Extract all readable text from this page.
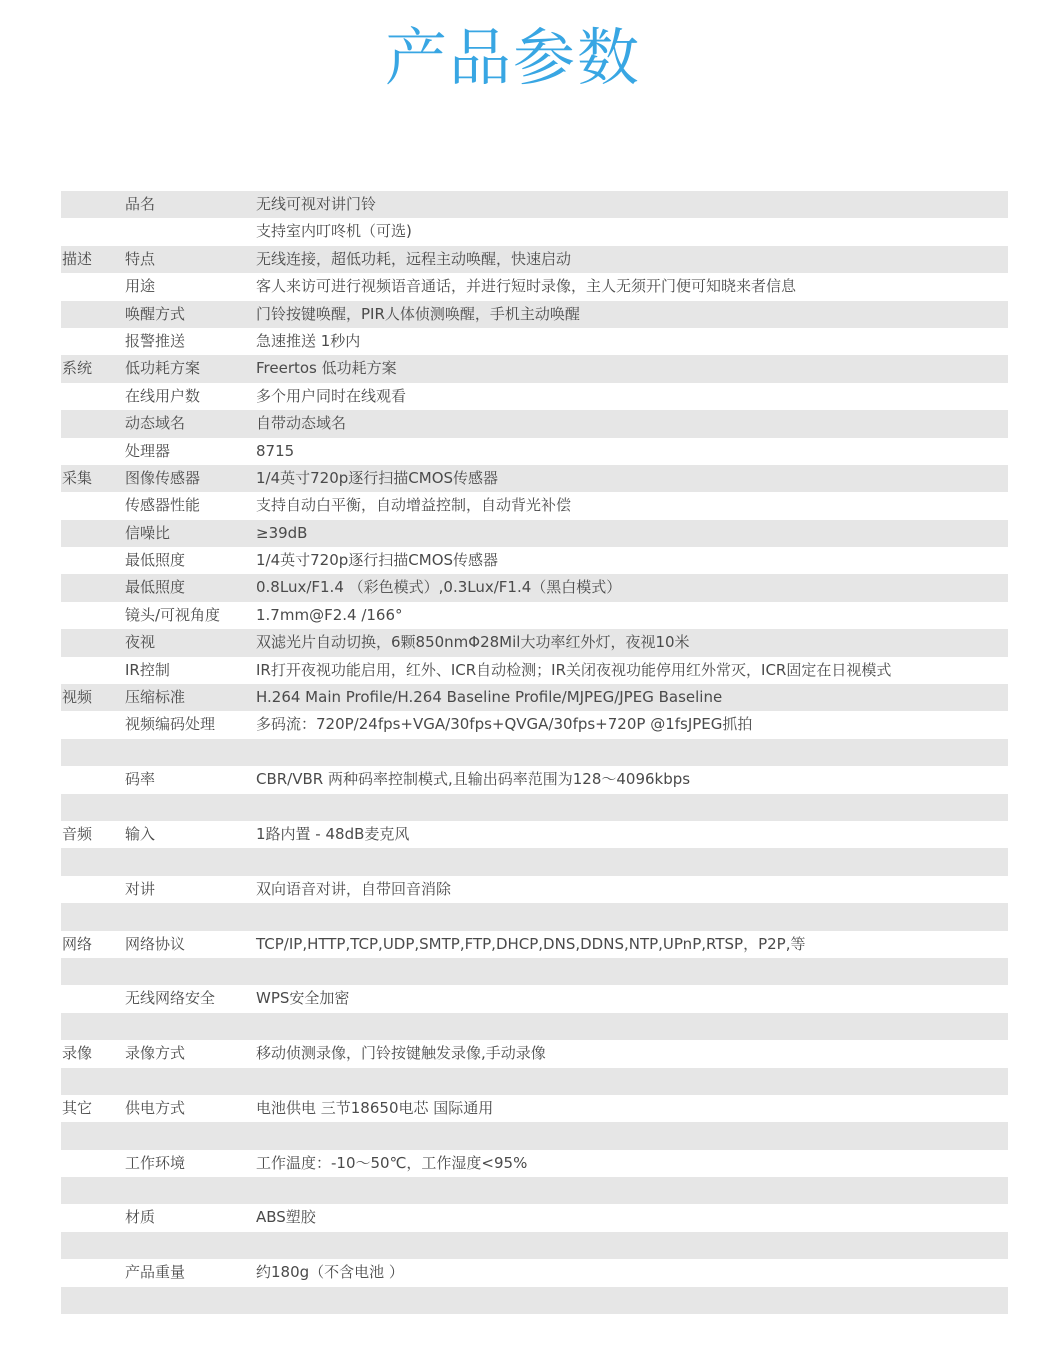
产品参数
品名	无线可视对讲门铃
支持室内叮咚机（可选)
描述 特点	无线连接，超低功耗，远程主动唤醒，快速启动
用途	客人来访可进行视频语音通话，并进行短时录像，主人无须开门便可知晓来者信息
唤醒方式	门铃按键唤醒，PIR人体侦测唤醒，手机主动唤醒
报警推送	急速推送 1秒内
系统 低功耗方案	Freertos 低功耗方案
在线用户数	多个用户同时在线观看
动态域名	自带动态域名
处理器	8715
采集 图像传感器	1/4英寸720p逐行扫描CMOS传感器
传感器性能	支持自动白平衡，自动增益控制，自动背光补偿
信噪比	≥39dB
最低照度	1/4英寸720p逐行扫描CMOS传感器
最低照度	0.8Lux/F1.4 （彩色模式）,0.3Lux/F1.4（黑白模式）
镜头/可视角度 1.7mm@F2.4 /166°
夜视	双滤光片自动切换，6颗850nmΦ28Mil大功率红外灯，夜视10米
IR控制	IR打开夜视功能启用，红外、ICR自动检测；IR关闭夜视功能停用红外常灭，ICR固定在日视模式
视频 压缩标准	H.264 Main Profile/H.264 Baseline Profile/MJPEG/JPEG Baseline
视频编码处理	多码流：720P/24fps+VGA/30fps+QVGA/30fps+720P @1fsJPEG抓拍
码率	CBR/VBR 两种码率控制模式,且输出码率范围为128～4096kbps
音频 输入	1路内置 - 48dB麦克风
对讲	双向语音对讲，自带回音消除
网络 网络协议	TCP/IP,HTTP,TCP,UDP,SMTP,FTP,DHCP,DNS,DDNS,NTP,UPnP,RTSP，P2P,等
无线网络安全	WPS安全加密
录像 录像方式	移动侦测录像，门铃按键触发录像,手动录像
其它 供电方式	电池供电 三节18650电芯 国际通用
工作环境	工作温度：-10～50℃，工作湿度<95%
材质	ABS塑胶
产品重量	约180g（不含电池 ）
